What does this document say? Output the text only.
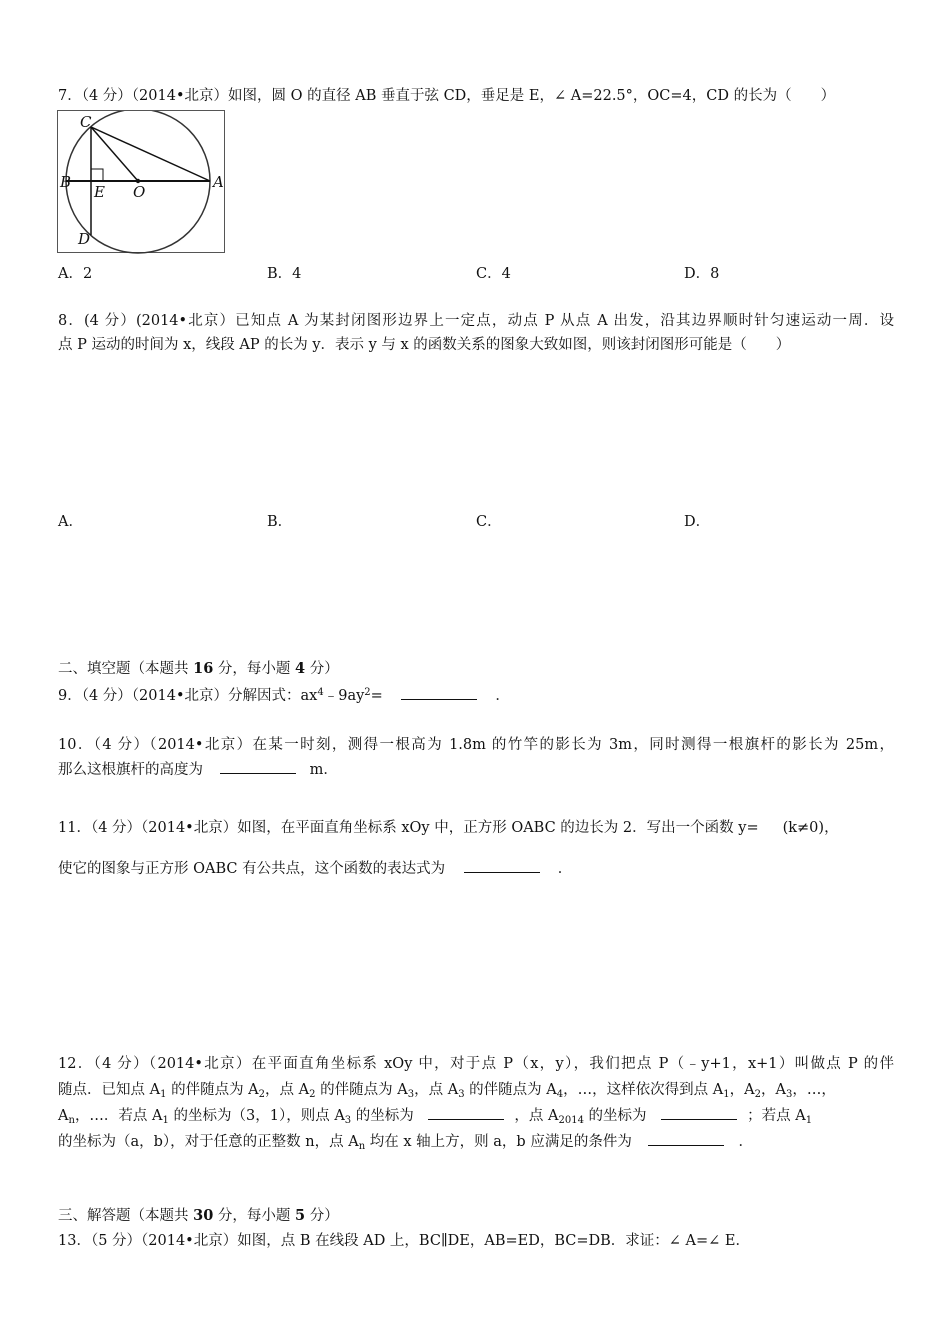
7．（4 分）（2014•北京）如图，圆 O 的直径 AB 垂直于弦 CD，垂足是 E，∠ A=22.5°，OC=4，CD 的长为（　　）
C
B
E O
A
D
A．2	B．4	C．4	D．8
8．(4 分）(2014•北京）已知点 A 为某封闭图形边界上一定点，动点 P 从点 A 出发，沿其边界顺时针匀速运动一周．设
点 P 运动的时间为 x，线段 AP 的长为 y．表示 y 与 x 的函数关系的图象大致如图，则该封闭图形可能是（　　）
A．	B．	C．	D．
二、填空题（本题共 16 分，每小题 4 分）
9．（4 分）（2014•北京）分解因式：$ax^4﹣9ay^2=$	．
10．（4 分）（2014•北京）在某一时刻，测得一根高为 1.8m 的竹竿的影长为 3m，同时测得一根旗杆的影长为 25m，
那么这根旗杆的高度为	m．
11．（4 分）（2014•北京）如图，在平面直角坐标系 xOy 中，正方形 OABC 的边长为 2．写出一个函数 y= (k≠0)，
使它的图象与正方形 OABC 有公共点，这个函数的表达式为	．
12．（4 分）（2014•北京）在平面直角坐标系 xOy 中，对于点 P（x，y），我们把点 P（﹣y+1，x+1）叫做点 P 的伴
随点．已知点 $A_1$ 的伴随点为 $A_2$，点 $A_2$ 的伴随点为 $A_3$，点 $A_3$ 的伴随点为 $A_4$，…，这样依次得到点 $A_1$，$A_2$，$A_3$，…，
$A_n$，…．若点 $A_1$ 的坐标为（3，1），则点 $A_3$ 的坐标为	，点 $A_{2014}$ 的坐标为	；若点 $A_1$
的坐标为（a，b），对于任意的正整数 n，点 $A_n$ 均在 x 轴上方，则 a，b 应满足的条件为	．
三、解答题（本题共 30 分，每小题 5 分）
13．（5 分）（2014•北京）如图，点 B 在线段 AD 上，BC∥DE，AB=ED，BC=DB．求证：∠ A=∠ E．
